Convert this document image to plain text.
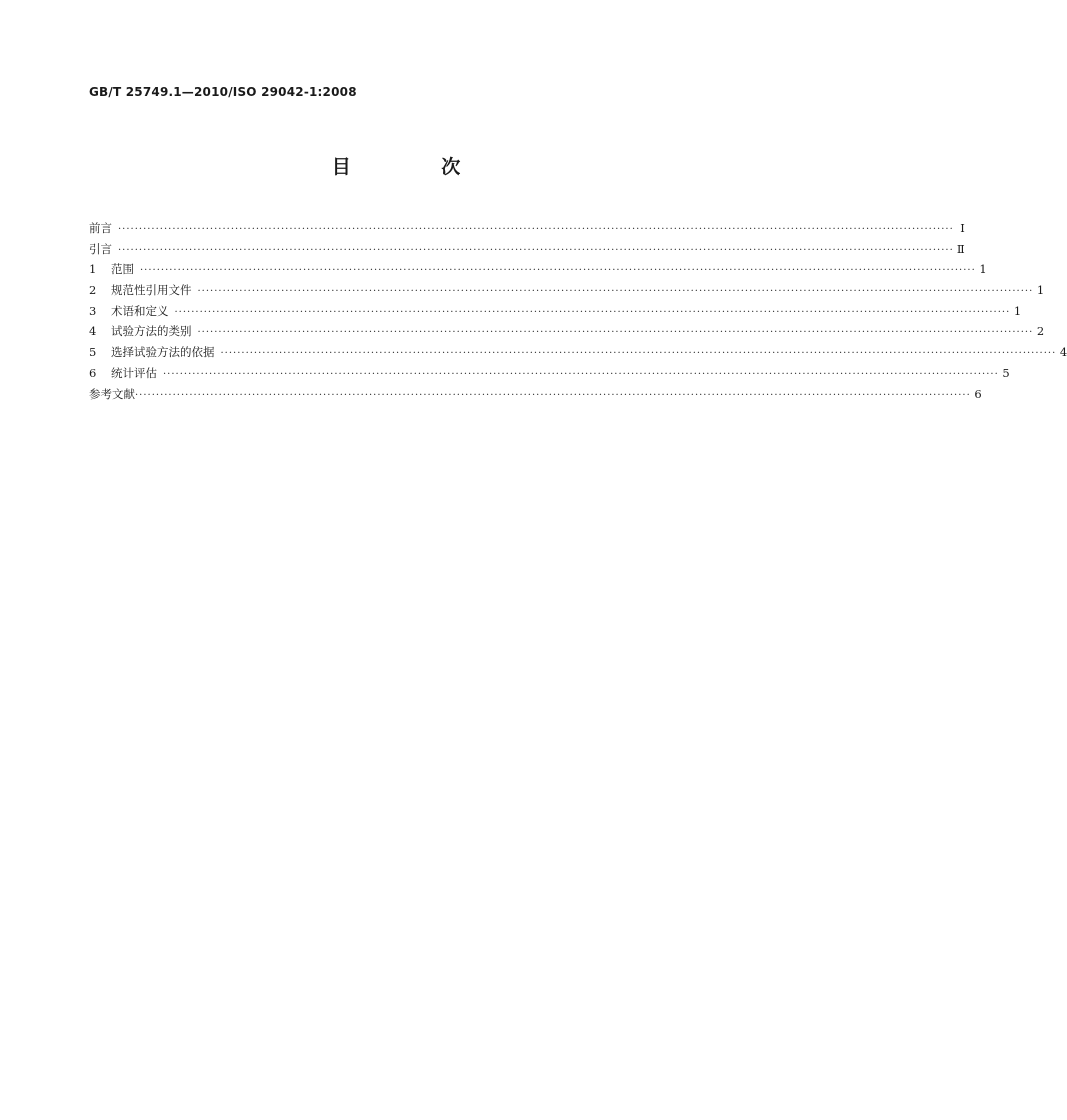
GB/T 25749.1—2010/ISO 29042-1:2008
目 次
前言 ········································································································································································································ Ⅰ
引言 ········································································································································································································ Ⅱ
1	范围 ········································································································································································································ 1
2	规范性引用文件 ········································································································································································································ 1
3	术语和定义 ········································································································································································································ 1
4	试验方法的类别 ········································································································································································································ 2
5	选择试验方法的依据 ········································································································································································································ 4
6	统计评估 ········································································································································································································ 5
参考文献 ········································································································································································································ 6
